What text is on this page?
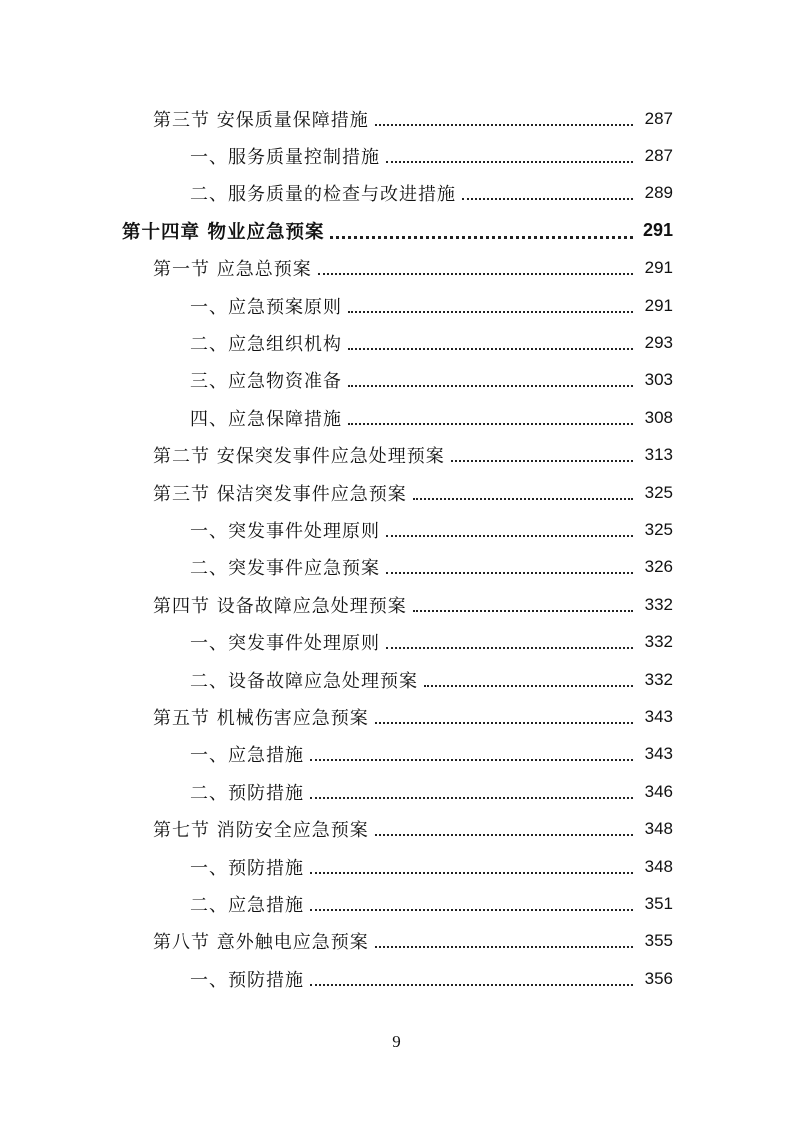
第三节 安保质量保障措施	287
一、服务质量控制措施	287
二、服务质量的检查与改进措施	289
第十四章 物业应急预案	291
第一节 应急总预案	291
一、应急预案原则	291
二、应急组织机构	293
三、应急物资准备	303
四、应急保障措施	308
第二节 安保突发事件应急处理预案	313
第三节 保洁突发事件应急预案	325
一、突发事件处理原则	325
二、突发事件应急预案	326
第四节 设备故障应急处理预案	332
一、突发事件处理原则	332
二、设备故障应急处理预案	332
第五节 机械伤害应急预案	343
一、应急措施	343
二、预防措施	346
第七节 消防安全应急预案	348
一、预防措施	348
二、应急措施	351
第八节 意外触电应急预案	355
一、预防措施	356
9
